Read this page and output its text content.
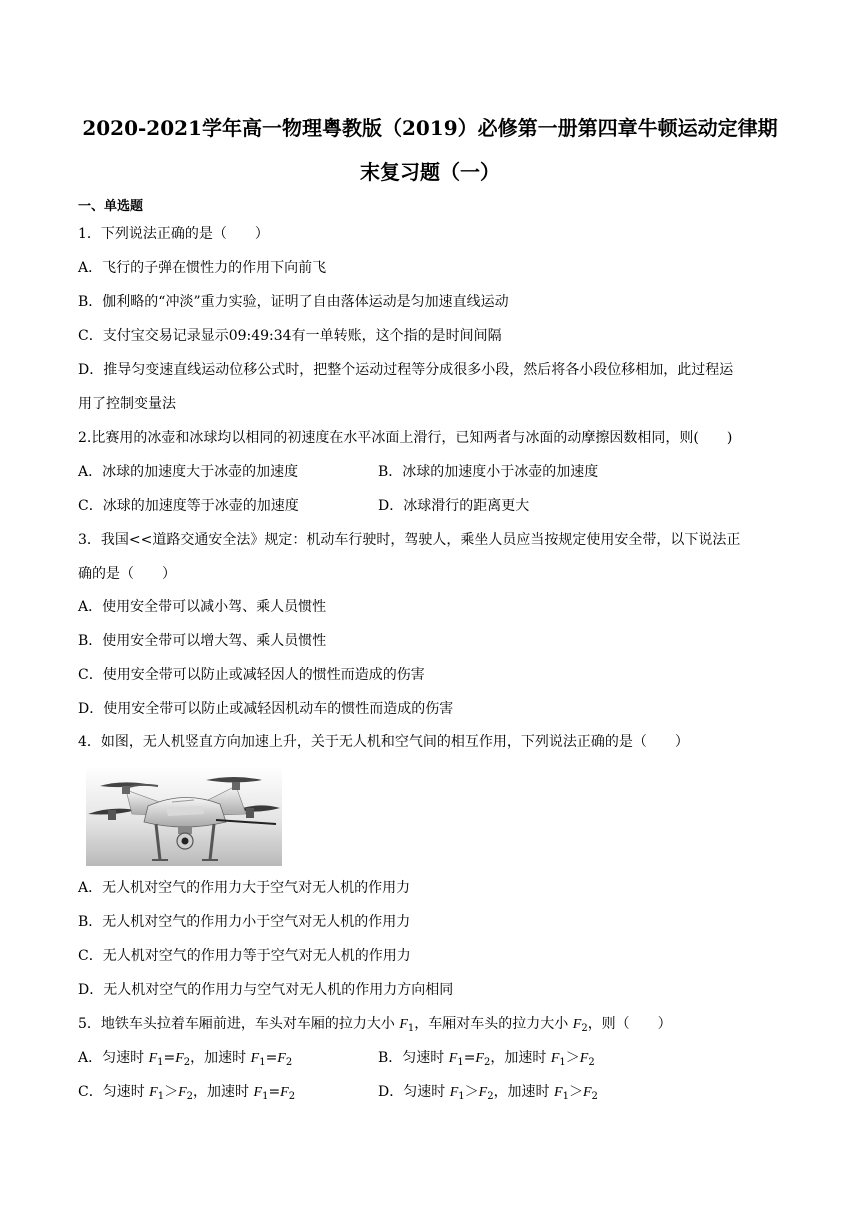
2020-2021学年高一物理粤教版（2019）必修第一册第四章牛顿运动定律期
末复习题（一）
一、单选题
1．下列说法正确的是（　　）
A．飞行的子弹在惯性力的作用下向前飞
B．伽利略的“冲淡”重力实验，证明了自由落体运动是匀加速直线运动
C．支付宝交易记录显示09:49:34有一单转账，这个指的是时间间隔
D．推导匀变速直线运动位移公式时，把整个运动过程等分成很多小段，然后将各小段位移相加，此过程运
用了控制变量法
2.比赛用的冰壶和冰球均以相同的初速度在水平冰面上滑行，已知两者与冰面的动摩擦因数相同，则(　　)
A．冰球的加速度大于冰壶的加速度	B．冰球的加速度小于冰壶的加速度
C．冰球的加速度等于冰壶的加速度	D．冰球滑行的距离更大
3．我国<<道路交通安全法》规定：机动车行驶时，驾驶人，乘坐人员应当按规定使用安全带，以下说法正
确的是（　　）
A．使用安全带可以减小驾、乘人员惯性
B．使用安全带可以增大驾、乘人员惯性
C．使用安全带可以防止或减轻因人的惯性而造成的伤害
D．使用安全带可以防止或减轻因机动车的惯性而造成的伤害
4．如图，无人机竖直方向加速上升，关于无人机和空气间的相互作用，下列说法正确的是（　　）
A．无人机对空气的作用力大于空气对无人机的作用力
B．无人机对空气的作用力小于空气对无人机的作用力
C．无人机对空气的作用力等于空气对无人机的作用力
D．无人机对空气的作用力与空气对无人机的作用力方向相同
5．地铁车头拉着车厢前进，车头对车厢的拉力大小 $F_1$，车厢对车头的拉力大小 $F_2$，则（　　）
A．匀速时 $F_1=F_2$，加速时 $F_1=F_2$	B．匀速时 $F_1=F_2$，加速时 $F_1>F_2$
C．匀速时 $F_1>F_2$，加速时 $F_1=F_2$	D．匀速时 $F_1>F_2$，加速时 $F_1>F_2$
